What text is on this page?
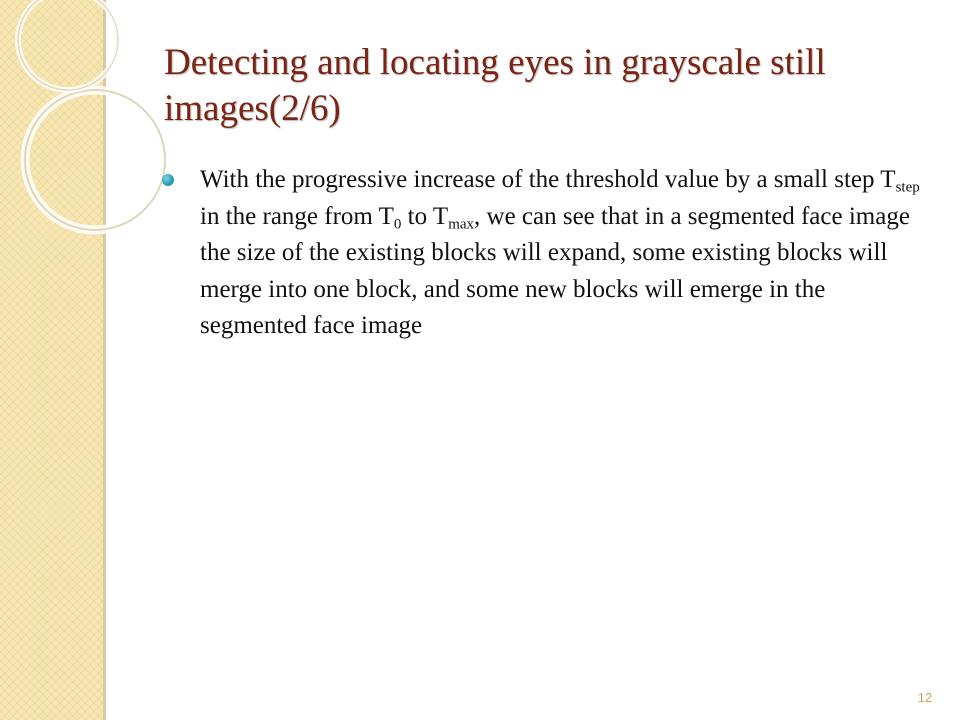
Detecting and locating eyes in grayscale still images(2/6)

With the progressive increase of the threshold value by a small step $T_{step}$ in the range from $T_0$ to $T_{max}$, we can see that in a segmented face image the size of the existing blocks will expand, some existing blocks will merge into one block, and some new blocks will emerge in the segmented face image

12
